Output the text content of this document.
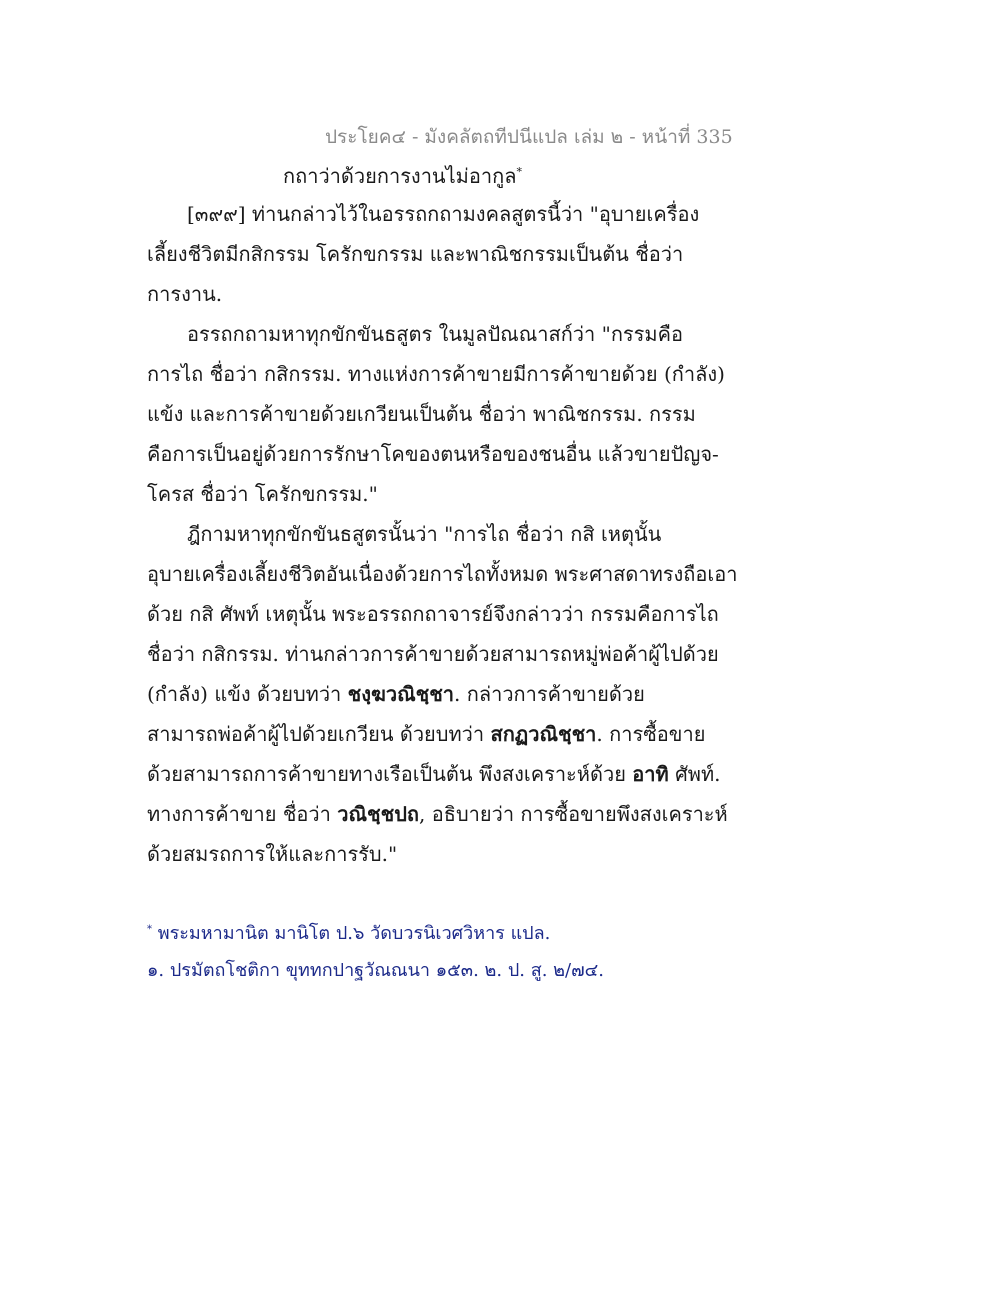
ประโยค๔ - มังคลัตถทีปนีแปล เล่ม ๒ - หน้าที่ 335
กถาว่าด้วยการงานไม่อากูล*
[๓๙๙] ท่านกล่าวไว้ในอรรถกถามงคลสูตรนี้ว่า "อุบายเครื่อง
เลี้ยงชีวิตมีกสิกรรม โครักขกรรม และพาณิชกรรมเป็นต้น ชื่อว่า
การงาน.
อรรถกถามหาทุกขักขันธสูตร ในมูลปัณณาสก์ว่า "กรรมคือ
การไถ ชื่อว่า กสิกรรม. ทางแห่งการค้าขายมีการค้าขายด้วย (กำลัง)
แข้ง และการค้าขายด้วยเกวียนเป็นต้น ชื่อว่า พาณิชกรรม. กรรม
คือการเป็นอยู่ด้วยการรักษาโคของตนหรือของชนอื่น แล้วขายปัญจ-
โครส ชื่อว่า โครักขกรรม."
ฎีกามหาทุกขักขันธสูตรนั้นว่า "การไถ ชื่อว่า กสิ เหตุนั้น
อุบายเครื่องเลี้ยงชีวิตอันเนื่องด้วยการไถทั้งหมด พระศาสดาทรงถือเอา
ด้วย กสิ ศัพท์ เหตุนั้น พระอรรถกถาจารย์จึงกล่าวว่า กรรมคือการไถ
ชื่อว่า กสิกรรม. ท่านกล่าวการค้าขายด้วยสามารถหมู่พ่อค้าผู้ไปด้วย
(กำลัง) แข้ง ด้วยบทว่า ชงฺฆวณิชฺชา. กล่าวการค้าขายด้วย
สามารถพ่อค้าผู้ไปด้วยเกวียน ด้วยบทว่า สกฏวณิชฺชา. การซื้อขาย
ด้วยสามารถการค้าขายทางเรือเป็นต้น พึงสงเคราะห์ด้วย อาทิ ศัพท์.
ทางการค้าขาย ชื่อว่า วณิชฺชปถ, อธิบายว่า การซื้อขายพึงสงเคราะห์
ด้วยสมรถการให้และการรับ."
* พระมหามานิต มานิโต ป.๖ วัดบวรนิเวศวิหาร แปล.
๑. ปรมัตถโชติกา ขุททกปาฐวัณณนา ๑๕๓. ๒. ป. สู. ๒/๗๔.
